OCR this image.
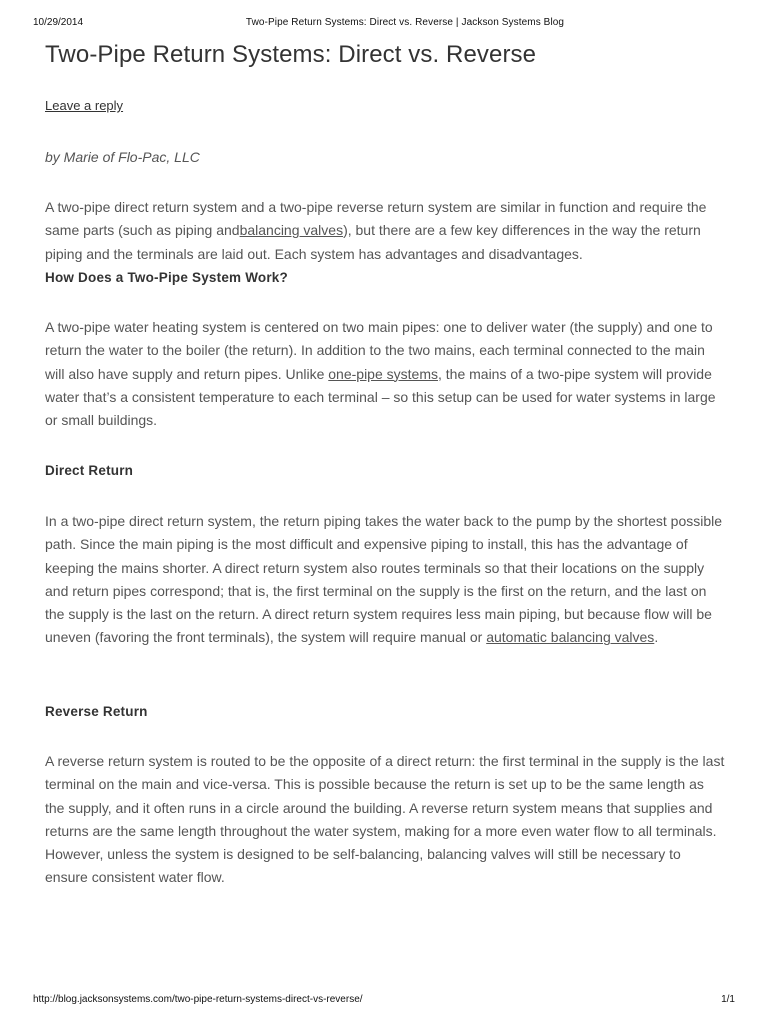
10/29/2014	Two-Pipe Return Systems: Direct vs. Reverse | Jackson Systems Blog
Two-Pipe Return Systems: Direct vs. Reverse
Leave a reply
by Marie of Flo-Pac, LLC

A two-pipe direct return system and a two-pipe reverse return system are similar in function and require the same parts (such as piping andbalancing valves), but there are a few key differences in the way the return piping and the terminals are laid out. Each system has advantages and disadvantages.

How Does a Two-Pipe System Work?

A two-pipe water heating system is centered on two main pipes: one to deliver water (the supply) and one to return the water to the boiler (the return). In addition to the two mains, each terminal connected to the main will also have supply and return pipes. Unlike one-pipe systems, the mains of a two-pipe system will provide water that’s a consistent temperature to each terminal – so this setup can be used for water systems in large or small buildings.

Direct Return

In a two-pipe direct return system, the return piping takes the water back to the pump by the shortest possible path. Since the main piping is the most difficult and expensive piping to install, this has the advantage of keeping the mains shorter. A direct return system also routes terminals so that their locations on the supply and return pipes correspond; that is, the first terminal on the supply is the first on the return, and the last on the supply is the last on the return. A direct return system requires less main piping, but because flow will be uneven (favoring the front terminals), the system will require manual or automatic balancing valves.

Reverse Return

A reverse return system is routed to be the opposite of a direct return: the first terminal in the supply is the last terminal on the main and vice-versa. This is possible because the return is set up to be the same length as the supply, and it often runs in a circle around the building. A reverse return system means that supplies and returns are the same length throughout the water system, making for a more even water flow to all terminals. However, unless the system is designed to be self-balancing, balancing valves will still be necessary to ensure consistent water flow.

http://blog.jacksonsystems.com/two-pipe-return-systems-direct-vs-reverse/	1/1
